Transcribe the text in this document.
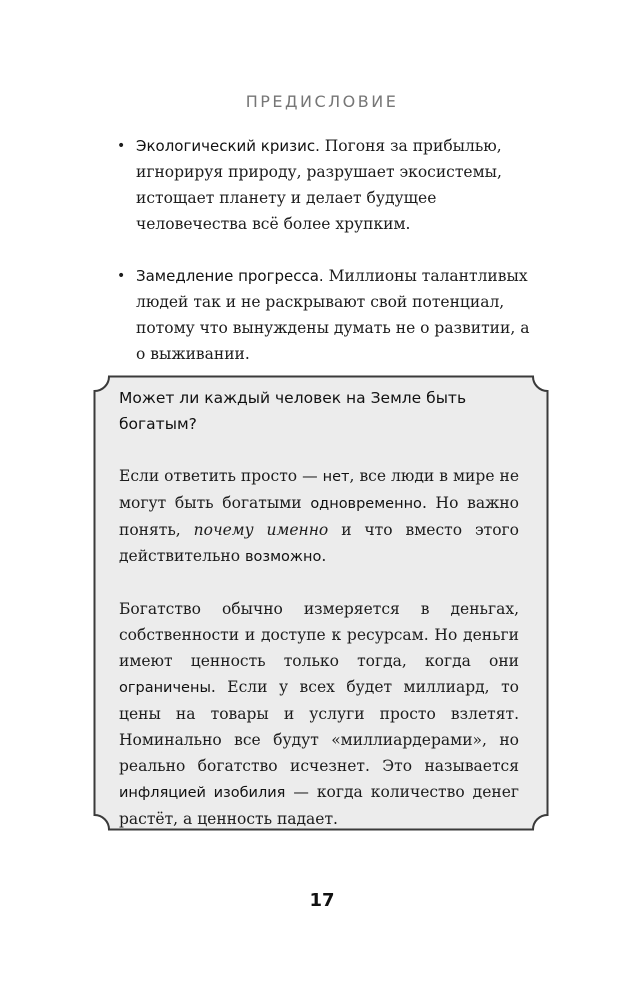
ПРЕДИСЛОВИЕ
• Экологический кризис. Погоня за прибылью, игнорируя природу, разрушает экосистемы, истощает планету и делает будущее человечества всё более хрупким.
• Замедление прогресса. Миллионы талантливых людей так и не раскрывают свой потенциал, потому что вынуждены думать не о развитии, а о выживании.
Может ли каждый человек на Земле быть богатым?

Если ответить просто — нет, все люди в мире не могут быть богатыми одновременно. Но важно понять, почему именно и что вместо этого действительно возможно.

Богатство обычно измеряется в деньгах, собственности и доступе к ресурсам. Но деньги имеют ценность только тогда, когда они ограничены. Если у всех будет миллиард, то цены на товары и услуги просто взлетят. Номинально все будут «миллиардерами», но реально богатство исчезнет. Это называется инфляцией изобилия — когда количество денег растёт, а ценность падает.

17
